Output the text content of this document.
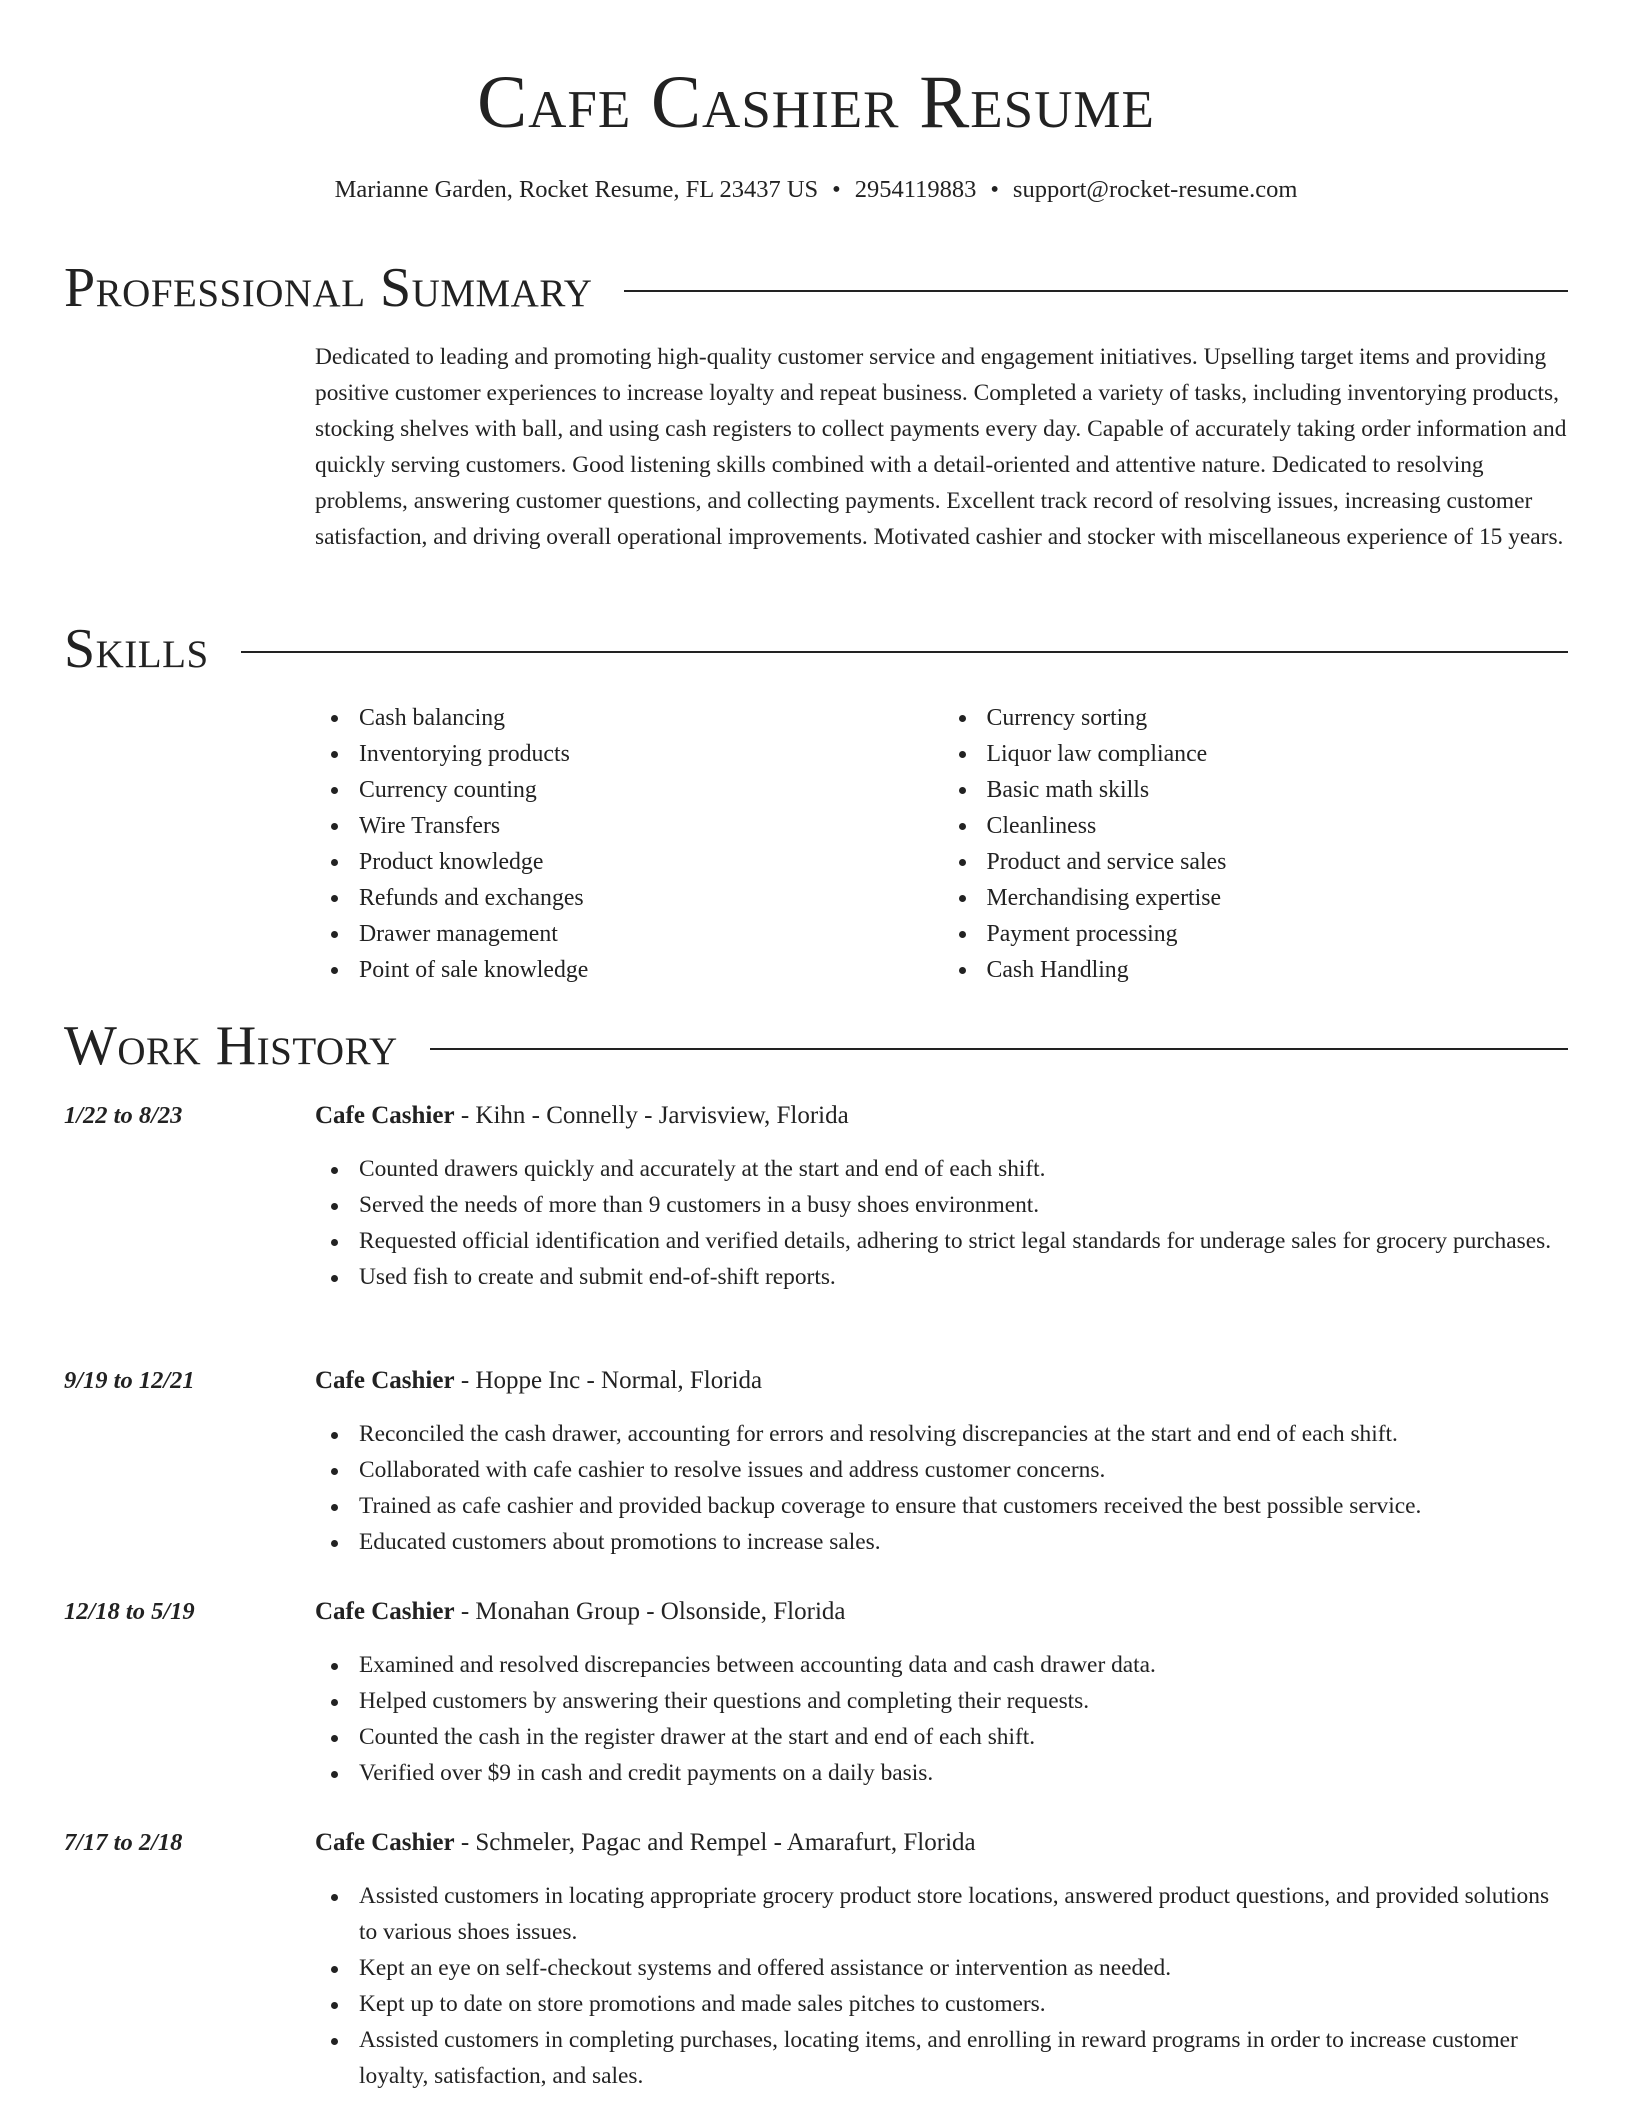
Cafe Cashier Resume
Marianne Garden, Rocket Resume, FL 23437 US • 2954119883 • support@rocket-resume.com
Professional Summary

Dedicated to leading and promoting high-quality customer service and engagement initiatives. Upselling target items and providing positive customer experiences to increase loyalty and repeat business. Completed a variety of tasks, including inventorying products, stocking shelves with ball, and using cash registers to collect payments every day. Capable of accurately taking order information and quickly serving customers. Good listening skills combined with a detail-oriented and attentive nature. Dedicated to resolving problems, answering customer questions, and collecting payments. Excellent track record of resolving issues, increasing customer satisfaction, and driving overall operational improvements. Motivated cashier and stocker with miscellaneous experience of 15 years.

Skills
Cash balancing
Inventorying products
Currency counting
Wire Transfers
Product knowledge
Refunds and exchanges
Drawer management
Point of sale knowledge
Currency sorting
Liquor law compliance
Basic math skills
Cleanliness
Product and service sales
Merchandising expertise
Payment processing
Cash Handling
Work History
1/22 to 8/23	Cafe Cashier - Kihn - Connelly - Jarvisview, Florida
Counted drawers quickly and accurately at the start and end of each shift.
Served the needs of more than 9 customers in a busy shoes environment.
Requested official identification and verified details, adhering to strict legal standards for underage sales for grocery purchases.
Used fish to create and submit end-of-shift reports.
9/19 to 12/21	Cafe Cashier - Hoppe Inc - Normal, Florida
Reconciled the cash drawer, accounting for errors and resolving discrepancies at the start and end of each shift.
Collaborated with cafe cashier to resolve issues and address customer concerns.
Trained as cafe cashier and provided backup coverage to ensure that customers received the best possible service.
Educated customers about promotions to increase sales.
12/18 to 5/19	Cafe Cashier - Monahan Group - Olsonside, Florida
Examined and resolved discrepancies between accounting data and cash drawer data.
Helped customers by answering their questions and completing their requests.
Counted the cash in the register drawer at the start and end of each shift.
Verified over $9 in cash and credit payments on a daily basis.
7/17 to 2/18	Cafe Cashier - Schmeler, Pagac and Rempel - Amarafurt, Florida
Assisted customers in locating appropriate grocery product store locations, answered product questions, and provided solutions to various shoes issues.
Kept an eye on self-checkout systems and offered assistance or intervention as needed.
Kept up to date on store promotions and made sales pitches to customers.
Assisted customers in completing purchases, locating items, and enrolling in reward programs in order to increase customer loyalty, satisfaction, and sales.
